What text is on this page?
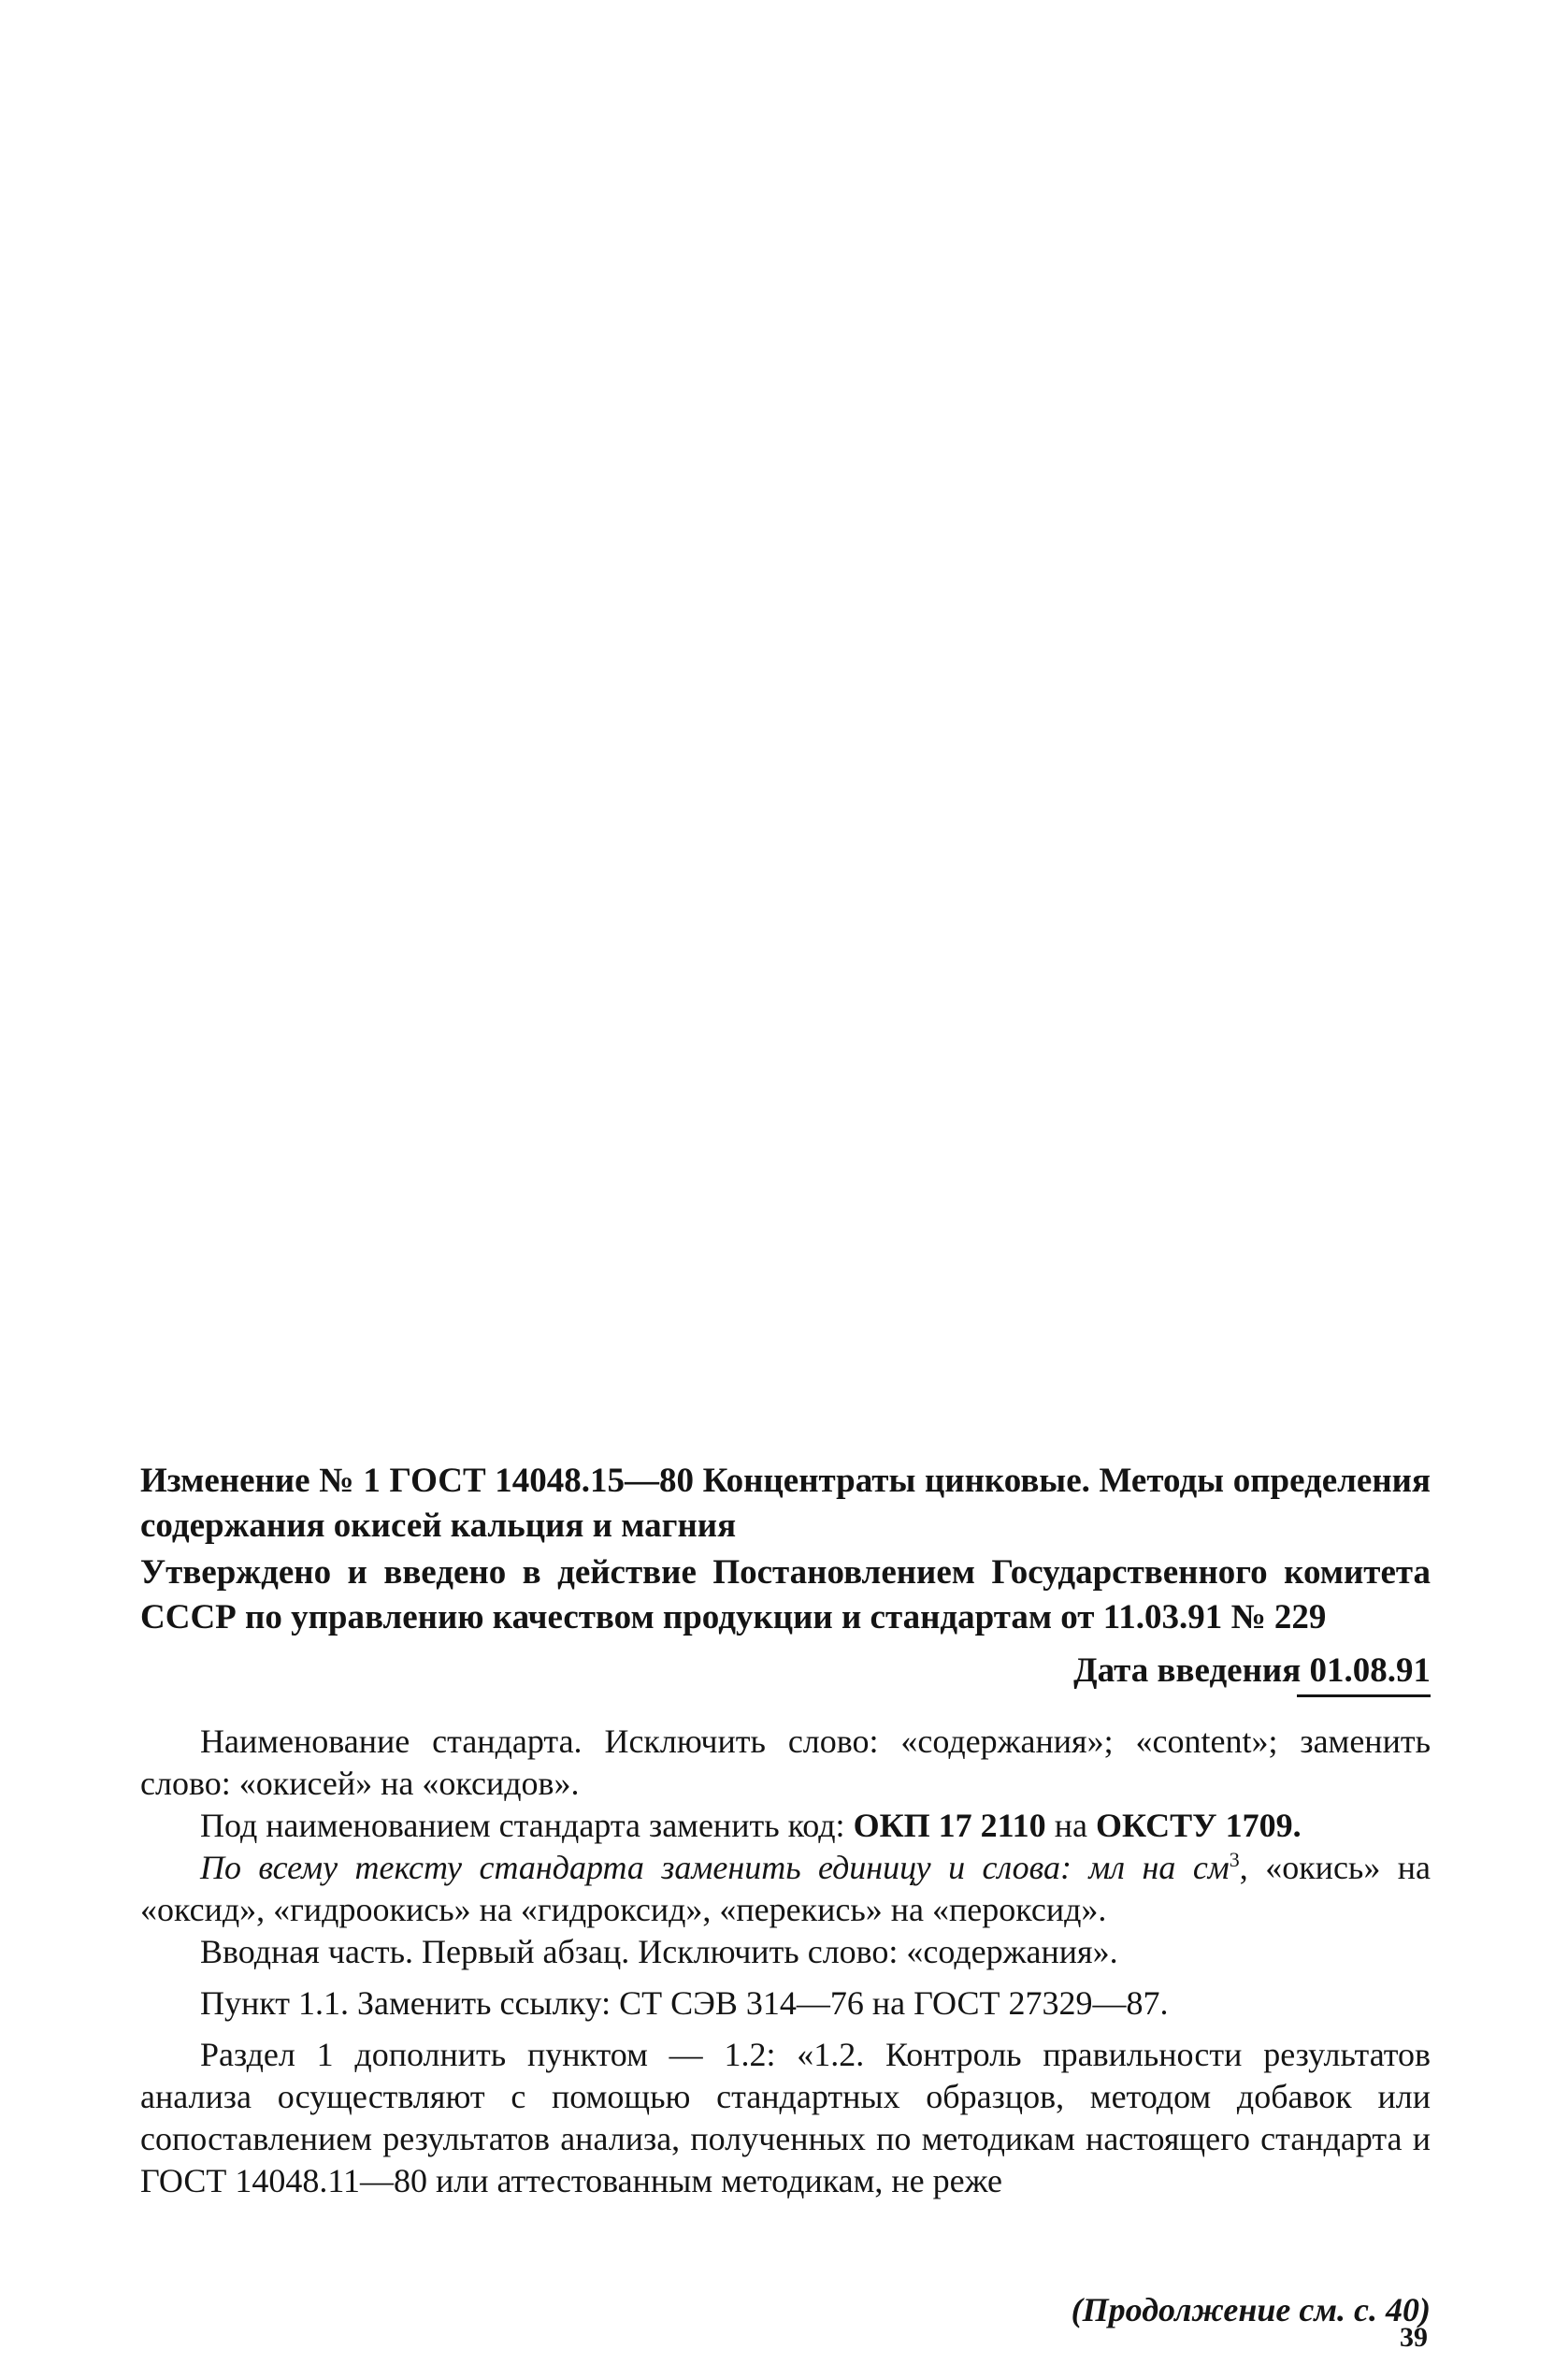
Изменение № 1 ГОСТ 14048.15—80 Концентраты цинковые. Методы определения содержания окисей кальция и магния
Утверждено и введено в действие Постановлением Государственного комитета СССР по управлению качеством продукции и стандартам от 11.03.91 № 229
Дата введения 01.08.91

Наименование стандарта. Исключить слово: «содержания»; «content»; заменить слово: «окисей» на «оксидов».

Под наименованием стандарта заменить код: ОКП 17 2110 на ОКСТУ 1709.

По всему тексту стандарта заменить единицу и слова: мл на $см^3$, «окись» на «оксид», «гидроокись» на «гидроксид», «перекись» на «пероксид».

Вводная часть. Первый абзац. Исключить слово: «содержания».

Пункт 1.1. Заменить ссылку: СТ СЭВ 314—76 на ГОСТ 27329—87.

Раздел 1 дополнить пунктом — 1.2: «1.2. Контроль правильности результатов анализа осуществляют с помощью стандартных образцов, методом добавок или сопоставлением результатов анализа, полученных по методикам настоящего стандарта и ГОСТ 14048.11—80 или аттестованным методикам, не реже

(Продолжение см. с. 40)
39
